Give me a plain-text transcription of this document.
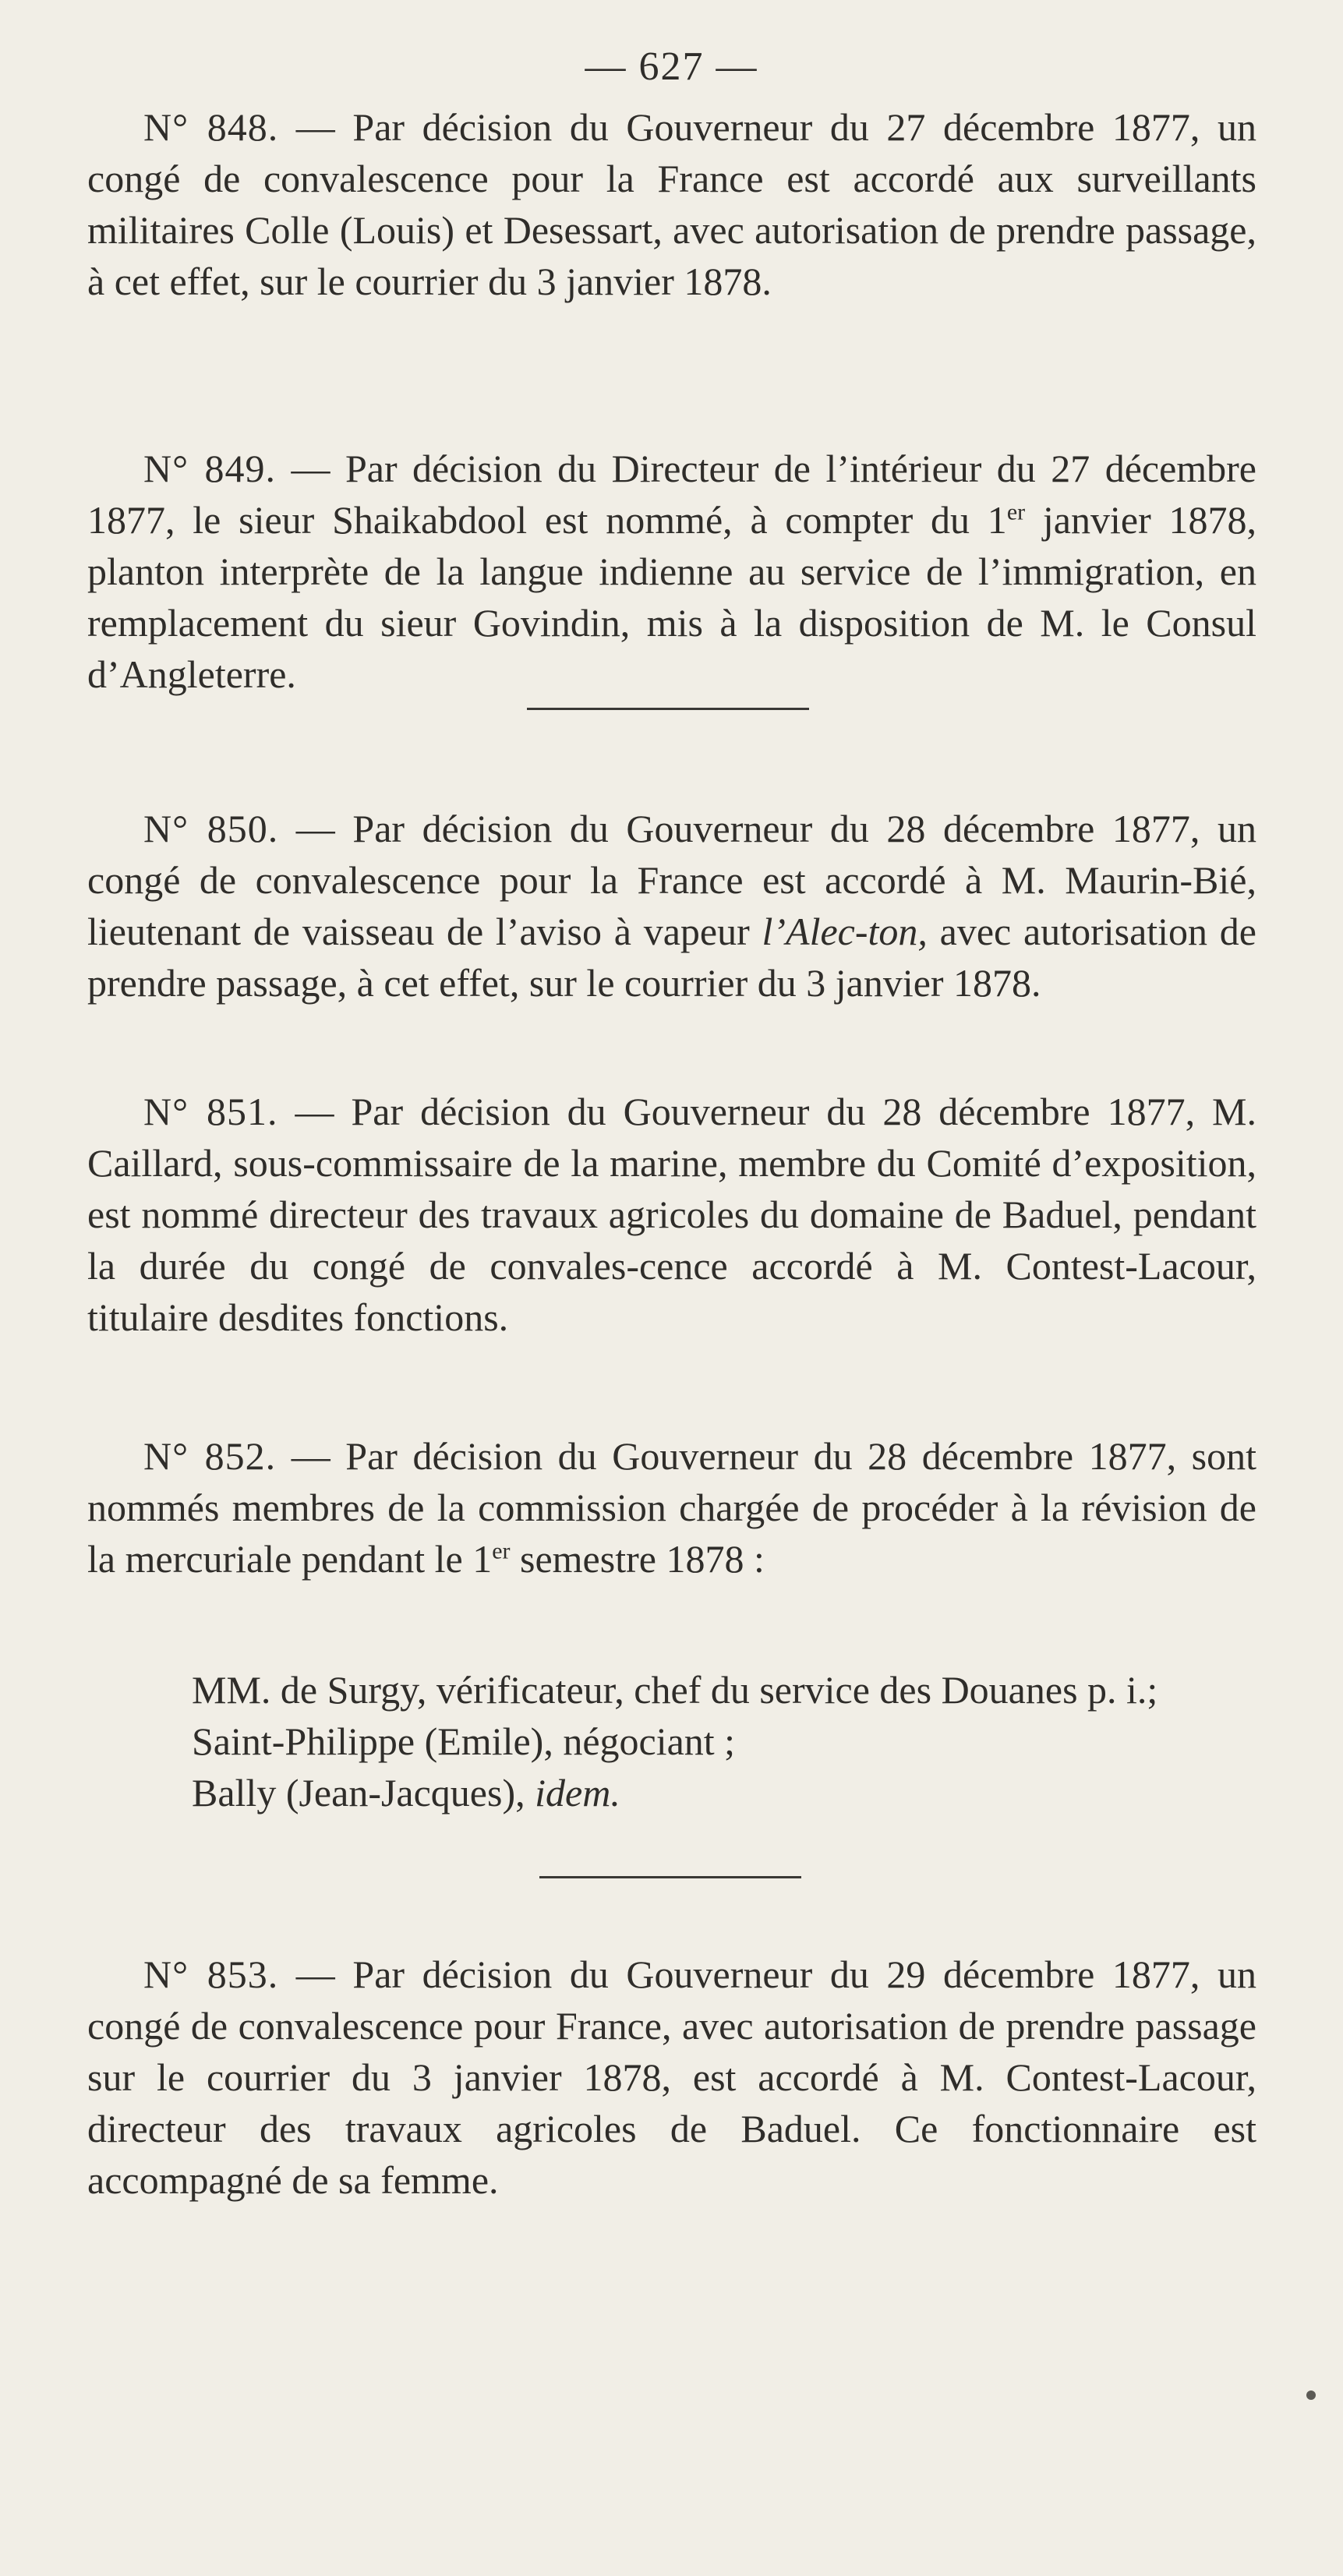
— 627 —

N° 848. — Par décision du Gouverneur du 27 décembre 1877, un congé de convalescence pour la France est accordé aux surveillants militaires Colle (Louis) et Desessart, avec autorisation de prendre passage, à cet effet, sur le courrier du 3 janvier 1878.

N° 849. — Par décision du Directeur de l’intérieur du 27 décembre 1877, le sieur Shaikabdool est nommé, à compter du 1er janvier 1878, planton interprète de la langue indienne au service de l’immigration, en remplacement du sieur Govindin, mis à la disposition de M. le Consul d’Angleterre.

N° 850. — Par décision du Gouverneur du 28 décembre 1877, un congé de convalescence pour la France est accordé à M. Maurin-Bié, lieutenant de vaisseau de l’aviso à vapeur l’Alec-ton, avec autorisation de prendre passage, à cet effet, sur le courrier du 3 janvier 1878.

N° 851. — Par décision du Gouverneur du 28 décembre 1877, M. Caillard, sous-commissaire de la marine, membre du Comité d’exposition, est nommé directeur des travaux agricoles du domaine de Baduel, pendant la durée du congé de convales-cence accordé à M. Contest-Lacour, titulaire desdites fonctions.

N° 852. — Par décision du Gouverneur du 28 décembre 1877, sont nommés membres de la commission chargée de procéder à la révision de la mercuriale pendant le 1er semestre 1878 :

MM. de Surgy, vérificateur, chef du service des Douanes p. i.;
Saint-Philippe (Emile), négociant ;
Bally (Jean-Jacques), idem.

N° 853. — Par décision du Gouverneur du 29 décembre 1877, un congé de convalescence pour France, avec autorisation de prendre passage sur le courrier du 3 janvier 1878, est accordé à M. Contest-Lacour, directeur des travaux agricoles de Baduel. Ce fonctionnaire est accompagné de sa femme.
